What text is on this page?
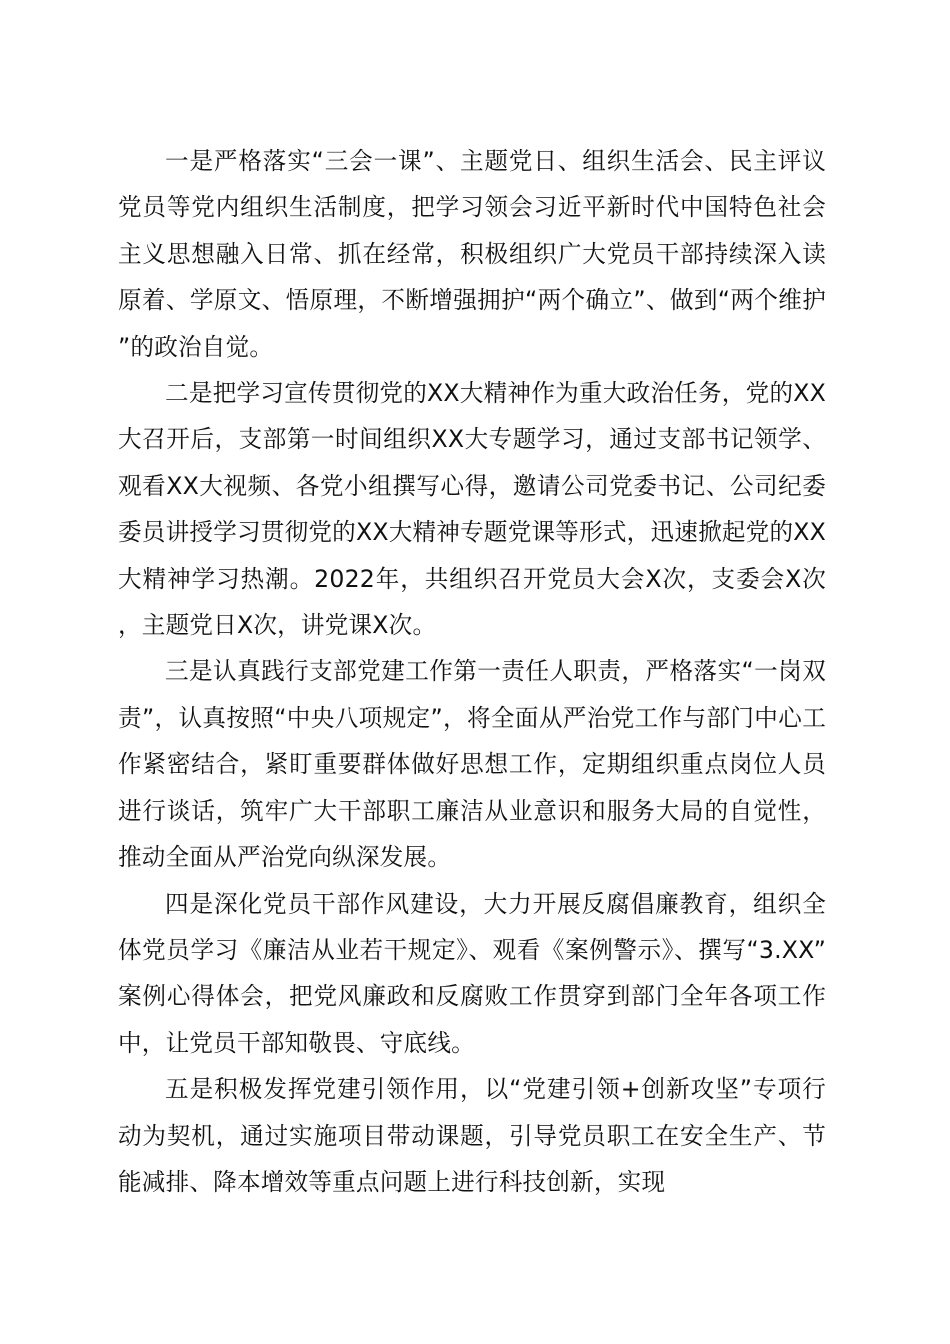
一是严格落实“三会一课”、主题党日、组织生活会、民主评议党员等党内组织生活制度，把学习领会习近平新时代中国特色社会主义思想融入日常、抓在经常，积极组织广大党员干部持续深入读原着、学原文、悟原理，不断增强拥护“两个确立”、做到“两个维护”的政治自觉。

二是把学习宣传贯彻党的XX大精神作为重大政治任务，党的XX大召开后，支部第一时间组织XX大专题学习，通过支部书记领学、观看XX大视频、各党小组撰写心得，邀请公司党委书记、公司纪委委员讲授学习贯彻党的XX大精神专题党课等形式，迅速掀起党的XX大精神学习热潮。2022年，共组织召开党员大会X次，支委会X次，主题党日X次，讲党课X次。

三是认真践行支部党建工作第一责任人职责，严格落实“一岗双责”，认真按照“中央八项规定”，将全面从严治党工作与部门中心工作紧密结合，紧盯重要群体做好思想工作，定期组织重点岗位人员进行谈话，筑牢广大干部职工廉洁从业意识和服务大局的自觉性，推动全面从严治党向纵深发展。

四是深化党员干部作风建设，大力开展反腐倡廉教育，组织全体党员学习《廉洁从业若干规定》、观看《案例警示》、撰写“3.XX”案例心得体会，把党风廉政和反腐败工作贯穿到部门全年各项工作中，让党员干部知敬畏、守底线。

五是积极发挥党建引领作用，以“党建引领+创新攻坚”专项行动为契机，通过实施项目带动课题，引导党员职工在安全生产、节能减排、降本增效等重点问题上进行科技创新，实现
